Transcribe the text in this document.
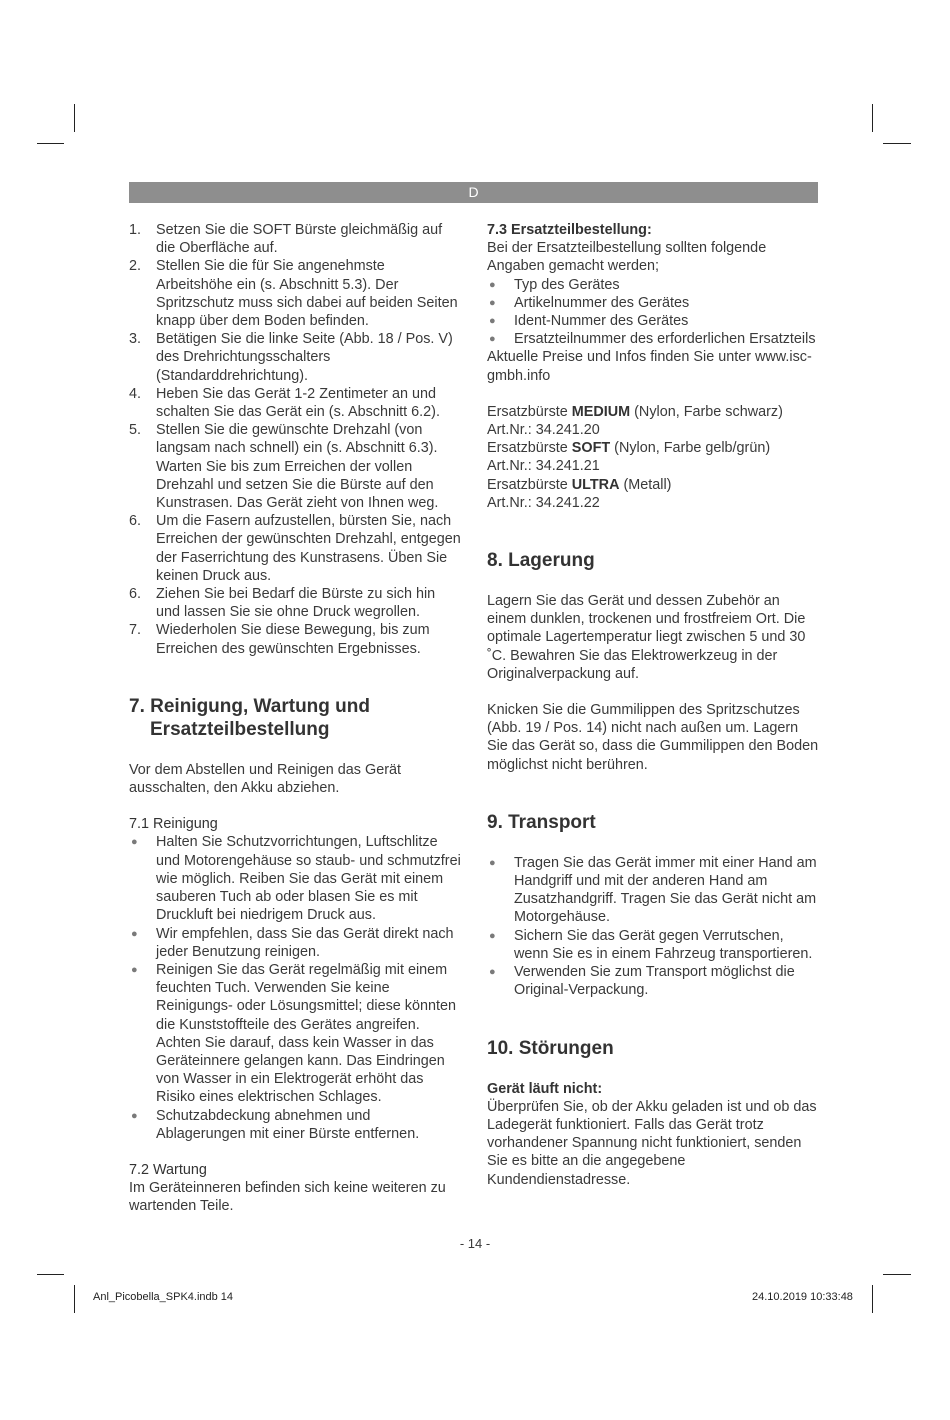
D
1. Setzen Sie die SOFT Bürste gleichmäßig auf die Oberfläche auf.
2. Stellen Sie die für Sie angenehmste Arbeitshöhe ein (s. Abschnitt 5.3). Der Spritzschutz muss sich dabei auf beiden Seiten knapp über dem Boden befinden.
3. Betätigen Sie die linke Seite (Abb. 18 / Pos. V) des Drehrichtungsschalters (Standarddrehrichtung).
4. Heben Sie das Gerät 1-2 Zentimeter an und schalten Sie das Gerät ein (s. Abschnitt 6.2).
5. Stellen Sie die gewünschte Drehzahl (von langsam nach schnell) ein (s. Abschnitt 6.3). Warten Sie bis zum Erreichen der vollen Drehzahl und setzen Sie die Bürste auf den Kunstrasen. Das Gerät zieht von Ihnen weg.
6. Um die Fasern aufzustellen, bürsten Sie, nach Erreichen der gewünschten Drehzahl, entgegen der Faserrichtung des Kunstrasens. Üben Sie keinen Druck aus.
6. Ziehen Sie bei Bedarf die Bürste zu sich hin und lassen Sie sie ohne Druck wegrollen.
7. Wiederholen Sie diese Bewegung, bis zum Erreichen des gewünschten Ergebnisses.
7. Reinigung, Wartung und
Ersatzteilbestellung

Vor dem Abstellen und Reinigen das Gerät ausschalten, den Akku abziehen.

7.1 Reinigung
● Halten Sie Schutzvorrichtungen, Luftschlitze und Motorengehäuse so staub- und schmutzfrei wie möglich. Reiben Sie das Gerät mit einem sauberen Tuch ab oder blasen Sie es mit Druckluft bei niedrigem Druck aus.
● Wir empfehlen, dass Sie das Gerät direkt nach jeder Benutzung reinigen.
● Reinigen Sie das Gerät regelmäßig mit einem feuchten Tuch. Verwenden Sie keine Reinigungs- oder Lösungsmittel; diese könnten die Kunststoffteile des Gerätes angreifen. Achten Sie darauf, dass kein Wasser in das Geräteinnere gelangen kann. Das Eindringen von Wasser in ein Elektrogerät erhöht das Risiko eines elektrischen Schlages.
● Schutzabdeckung abnehmen und Ablagerungen mit einer Bürste entfernen.
7.2 Wartung

Im Geräteinneren befinden sich keine weiteren zu wartenden Teile.

7.3 Ersatzteilbestellung:

Bei der Ersatzteilbestellung sollten folgende Angaben gemacht werden;

● Typ des Gerätes
● Artikelnummer des Gerätes
● Ident-Nummer des Gerätes
● Ersatzteilnummer des erforderlichen Ersatzteils

Aktuelle Preise und Infos finden Sie unter www.isc-gmbh.info

Ersatzbürste MEDIUM (Nylon, Farbe schwarz)

Art.Nr.: 34.241.20

Ersatzbürste SOFT (Nylon, Farbe gelb/grün)

Art.Nr.: 34.241.21

Ersatzbürste ULTRA (Metall)

Art.Nr.: 34.241.22

8. Lagerung

Lagern Sie das Gerät und dessen Zubehör an einem dunklen, trockenen und frostfreiem Ort. Die optimale Lagertemperatur liegt zwischen 5 und 30 ˚C. Bewahren Sie das Elektrowerkzeug in der Originalverpackung auf.

Knicken Sie die Gummilippen des Spritzschutzes (Abb. 19 / Pos. 14) nicht nach außen um. Lagern Sie das Gerät so, dass die Gummilippen den Boden möglichst nicht berühren.

9. Transport
● Tragen Sie das Gerät immer mit einer Hand am Handgriff und mit der anderen Hand am Zusatzhandgriff. Tragen Sie das Gerät nicht am Motorgehäuse.
● Sichern Sie das Gerät gegen Verrutschen, wenn Sie es in einem Fahrzeug transportieren.
● Verwenden Sie zum Transport möglichst die Original-Verpackung.
10. Störungen
Gerät läuft nicht:

Überprüfen Sie, ob der Akku geladen ist und ob das Ladegerät funktioniert. Falls das Gerät trotz vorhandener Spannung nicht funktioniert, senden Sie es bitte an die angegebene Kundendienstadresse.

- 14 -
Anl_Picobella_SPK4.indb 14	24.10.2019 10:33:48
